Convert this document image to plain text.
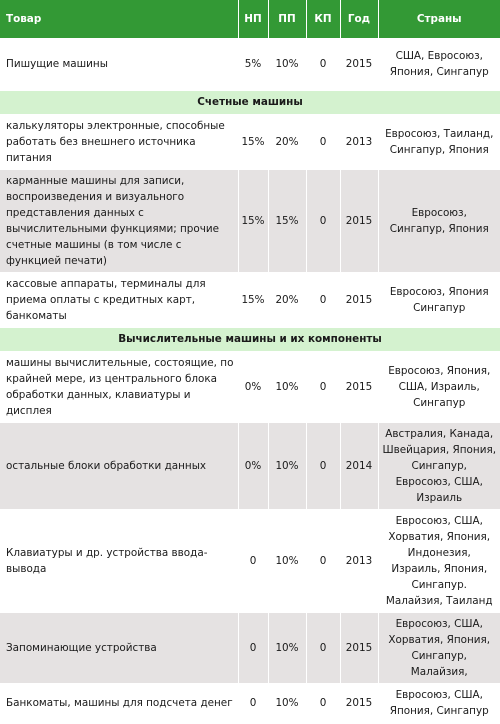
Товар	НП	ПП	КП	Год	Страны
Пишущие машины	5%	10%	0	2015	США, Евросоюз, Япония, Сингапур
Счетные машины					
калькуляторы электронные, способные работать без внешнего источника питания	15%	20%	0	2013	Евросоюз, Таиланд, Сингапур, Япония
карманные машины для записи, воспроизведения и визуального представления данных с вычислительными функциями; прочие счетные машины (в том числе с функцией печати)	15%	15%	0	2015	Евросоюз, Сингапур, Япония
кассовые аппараты, терминалы для приема оплаты с кредитных карт, банкоматы	15%	20%	0	2015	Евросоюз, Япония Сингапур
Вычислительные машины и их компоненты					
машины вычислительные, состоящие, по крайней мере, из центрального блока обработки данных, клавиатуры и дисплея	0%	10%	0	2015	Евросоюз, Япония, США, Израиль, Сингапур
остальные блоки обработки данных	0%	10%	0	2014	Австралия, Канада, Швейцария, Япония, Сингапур, Евросоюз, США, Израиль
Клавиатуры и др. устройства ввода-вывода	0	10%	0	2013	Евросоюз, США, Хорватия, Япония, Индонезия, Израиль, Япония, Сингапур. Малайзия, Таиланд
Запоминающие устройства	0	10%	0	2015	Евросоюз, США, Хорватия, Япония, Сингапур, Малайзия,
Банкоматы, машины для подсчета денег	0	10%	0	2015	Евросоюз, США, Япония, Сингапур
